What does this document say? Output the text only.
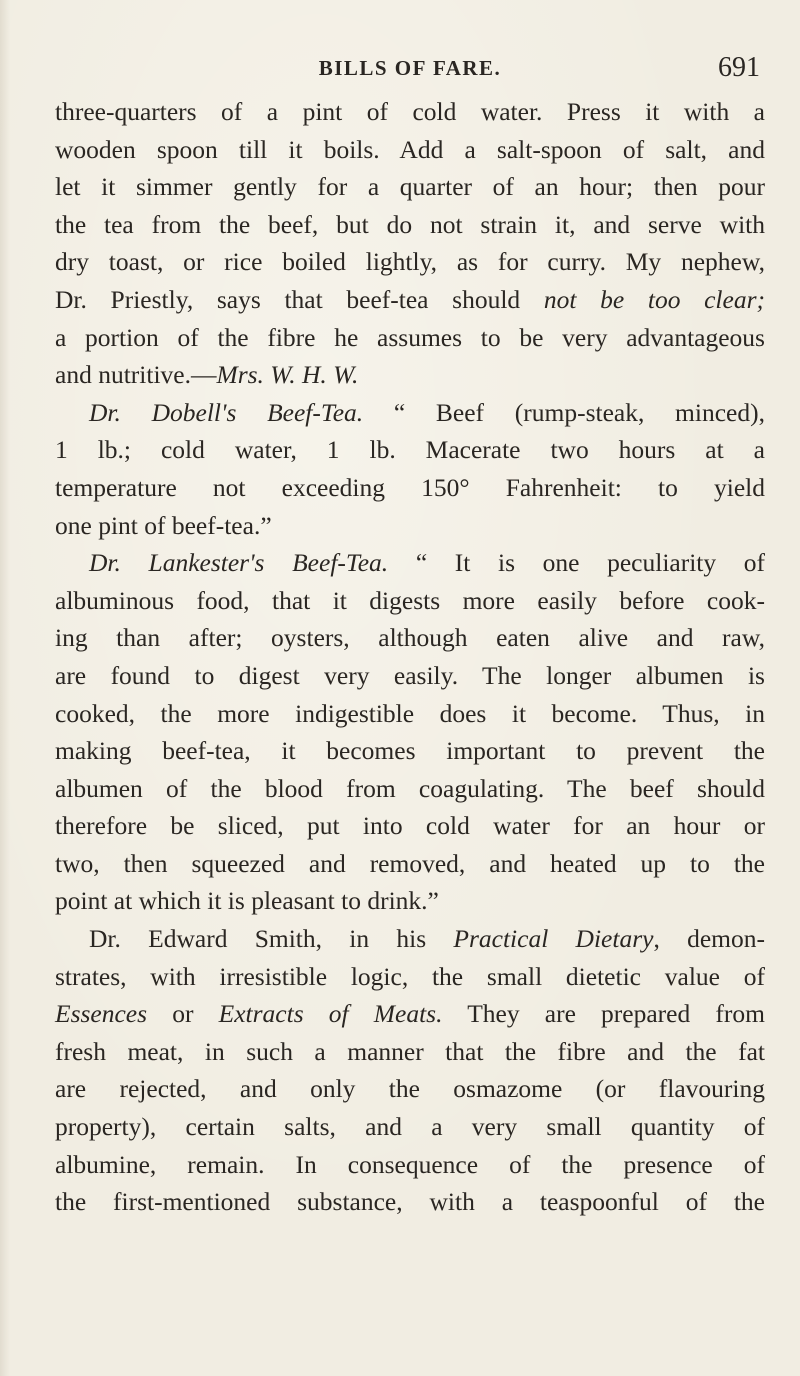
BILLS OF FARE.	691
three-quarters of a pint of cold water. Press it with a
wooden spoon till it boils. Add a salt-spoon of salt, and
let it simmer gently for a quarter of an hour; then pour
the tea from the beef, but do not strain it, and serve with
dry toast, or rice boiled lightly, as for curry. My nephew,
Dr. Priestly, says that beef-tea should not be too clear;
a portion of the fibre he assumes to be very advantageous
and nutritive.—Mrs. W. H. W.
Dr. Dobell's Beef-Tea. “ Beef (rump-steak, minced),
1 lb.; cold water, 1 lb. Macerate two hours at a
temperature not exceeding 150° Fahrenheit: to yield
one pint of beef-tea.”
Dr. Lankester's Beef-Tea. “ It is one peculiarity of
albuminous food, that it digests more easily before cook-
ing than after; oysters, although eaten alive and raw,
are found to digest very easily. The longer albumen is
cooked, the more indigestible does it become. Thus, in
making beef-tea, it becomes important to prevent the
albumen of the blood from coagulating. The beef should
therefore be sliced, put into cold water for an hour or
two, then squeezed and removed, and heated up to the
point at which it is pleasant to drink.”
Dr. Edward Smith, in his Practical Dietary, demon-
strates, with irresistible logic, the small dietetic value of
Essences or Extracts of Meats. They are prepared from
fresh meat, in such a manner that the fibre and the fat
are rejected, and only the osmazome (or flavouring
property), certain salts, and a very small quantity of
albumine, remain. In consequence of the presence of
the first-mentioned substance, with a teaspoonful of the
